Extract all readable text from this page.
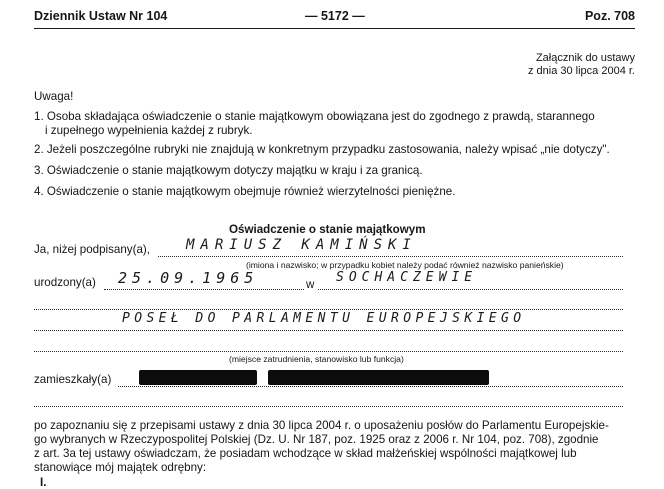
Dziennik Ustaw Nr 104	— 5172 —	Poz. 708
Załącznik do ustawy
z dnia 30 lipca 2004 r.
Uwaga!
1. Osoba składająca oświadczenie o stanie majątkowym obowiązana jest do zgodnego z prawdą, starannego
i zupełnego wypełnienia każdej z rubryk.
2. Jeżeli poszczególne rubryki nie znajdują w konkretnym przypadku zastosowania, należy wpisać „nie dotyczy".
3. Oświadczenie o stanie majątkowym dotyczy majątku w kraju i za granicą.
4. Oświadczenie o stanie majątkowym obejmuje również wierzytelności pieniężne.
Oświadczenie o stanie majątkowym
Ja, niżej podpisany(a),	MARIUSZ KAMIŃSKI
(imiona i nazwisko; w przypadku kobiet należy podać również nazwisko panieńskie)
urodzony(a) 25.09.1965	w SOCHACZEWIE
POSEŁ DO PARLAMENTU EUROPEJSKIEGO
(miejsce zatrudnienia, stanowisko lub funkcja)
zamieszkały(a)
po zapoznaniu się z przepisami ustawy z dnia 30 lipca 2004 r. o uposażeniu posłów do Parlamentu Europejskie-
go wybranych w Rzeczypospolitej Polskiej (Dz. U. Nr 187, poz. 1925 oraz z 2006 r. Nr 104, poz. 708), zgodnie
z art. 3a tej ustawy oświadczam, że posiadam wchodzące w skład małżeńskiej wspólności majątkowej lub
stanowiące mój majątek odrębny:
I.
